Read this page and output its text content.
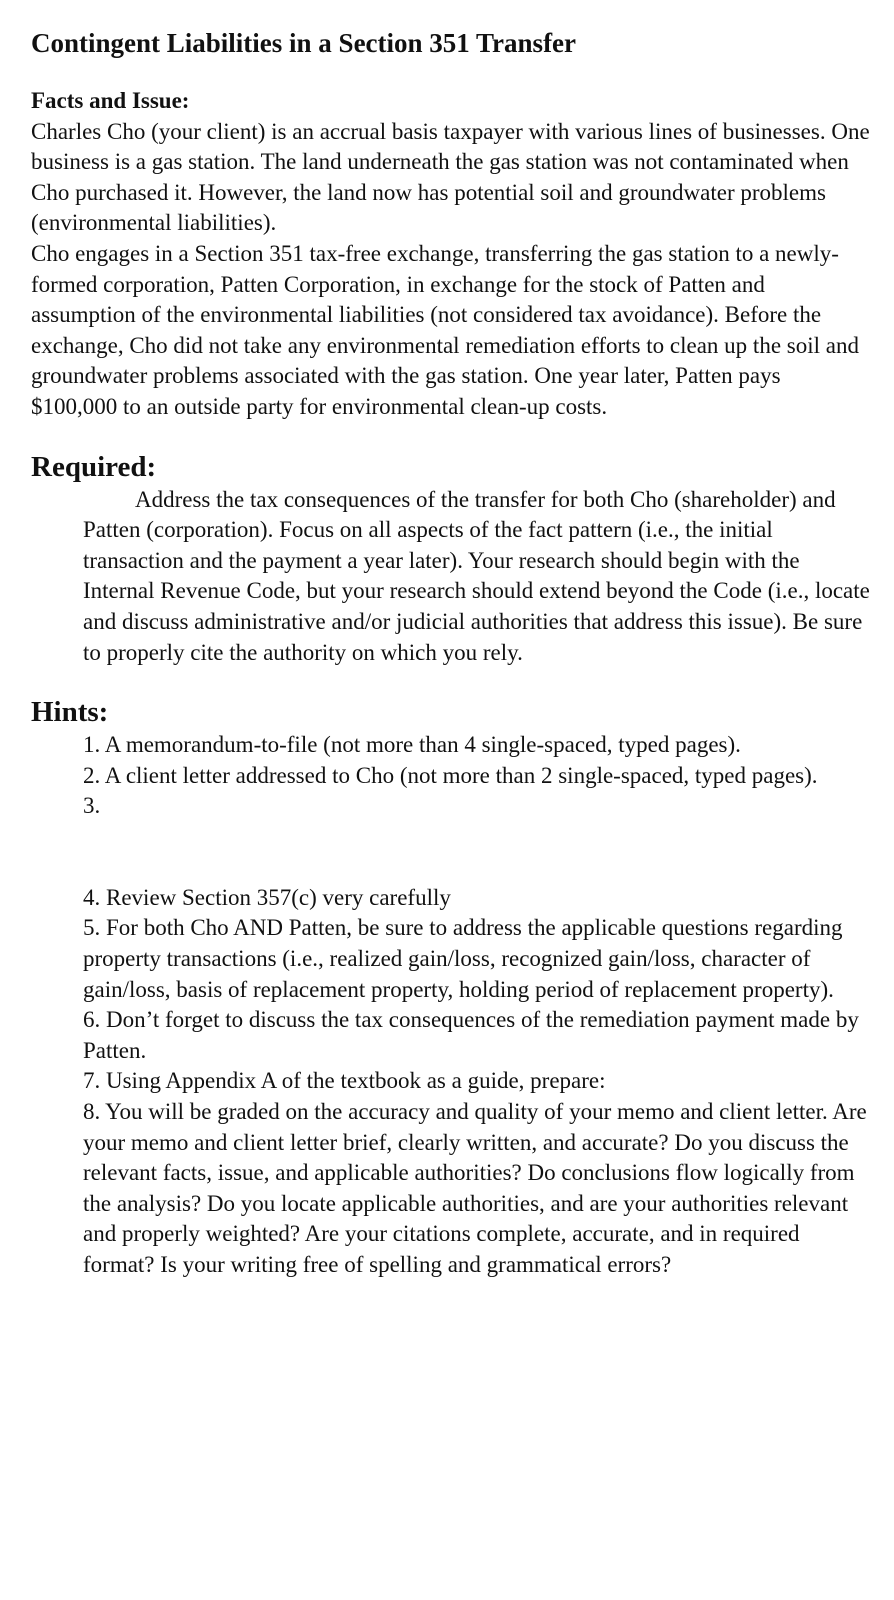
Contingent Liabilities in a Section 351 Transfer
Facts and Issue:

Charles Cho (your client) is an accrual basis taxpayer with various lines of businesses. One business is a gas station. The land underneath the gas station was not contaminated when Cho purchased it. However, the land now has potential soil and groundwater problems (environmental liabilities).

Cho engages in a Section 351 tax-free exchange, transferring the gas station to a newly-formed corporation, Patten Corporation, in exchange for the stock of Patten and assumption of the environmental liabilities (not considered tax avoidance). Before the exchange, Cho did not take any environmental remediation efforts to clean up the soil and groundwater problems associated with the gas station. One year later, Patten pays $100,000 to an outside party for environmental clean-up costs.

Required:

Address the tax consequences of the transfer for both Cho (shareholder) and Patten (corporation). Focus on all aspects of the fact pattern (i.e., the initial transaction and the payment a year later). Your research should begin with the Internal Revenue Code, but your research should extend beyond the Code (i.e., locate and discuss administrative and/or judicial authorities that address this issue). Be sure to properly cite the authority on which you rely.

Hints:

1. A memorandum-to-file (not more than 4 single-spaced, typed pages).

2. A client letter addressed to Cho (not more than 2 single-spaced, typed pages).

3.

4. Review Section 357(c) very carefully

5. For both Cho AND Patten, be sure to address the applicable questions regarding property transactions (i.e., realized gain/loss, recognized gain/loss, character of gain/loss, basis of replacement property, holding period of replacement property).

6. Don’t forget to discuss the tax consequences of the remediation payment made by Patten.

7. Using Appendix A of the textbook as a guide, prepare:

8. You will be graded on the accuracy and quality of your memo and client letter. Are your memo and client letter brief, clearly written, and accurate? Do you discuss the relevant facts, issue, and applicable authorities? Do conclusions flow logically from the analysis? Do you locate applicable authorities, and are your authorities relevant and properly weighted? Are your citations complete, accurate, and in required format? Is your writing free of spelling and grammatical errors?
